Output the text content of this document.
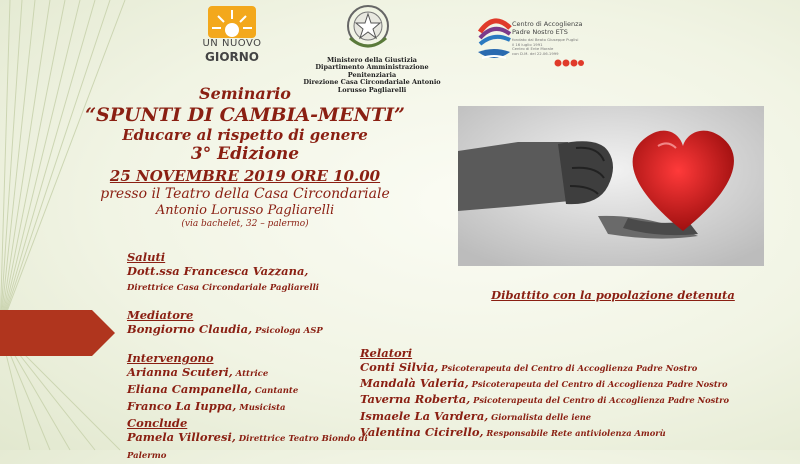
UN NUOVO
GIORNO	Ministero della Giustizia
Dipartimento Amministrazione Penitenziaria
Direzione Casa Circondariale Antonio Lorusso Pagliarelli
Centro di Accoglienza
Padre Nostro ETS
fondato dal Beato Giuseppe Puglisi
il 16 luglio 1991
Centro di Ente Morale
con D.M. del 22.06.1999
Seminario
“SPUNTI DI CAMBIA-MENTI”
Educare al rispetto di genere
3° Edizione
25 NOVEMBRE 2019 ORE 10.00
presso il Teatro della Casa Circondariale
Antonio Lorusso Pagliarelli
(via bachelet, 32 – palermo)
Saluti
Dott.ssa Francesca Vazzana,
Direttrice Casa Circondariale Pagliarelli
Mediatore
Bongiorno Claudia, Psicologa ASP
Intervengono
Arianna Scuteri, Attrice
Eliana Campanella, Cantante
Franco La Iuppa, Musicista
Conclude
Pamela Villoresi, Direttrice Teatro Biondo di
Palermo
Dibattito con la popolazione detenuta
Relatori
Conti Silvia, Psicoterapeuta del Centro di Accoglienza Padre Nostro
Mandalà Valeria, Psicoterapeuta del Centro di Accoglienza Padre Nostro
Taverna Roberta, Psicoterapeuta del Centro di Accoglienza Padre Nostro
Ismaele La Vardera, Giornalista delle iene
Valentina Cicirello, Responsabile Rete antiviolenza Amorù
